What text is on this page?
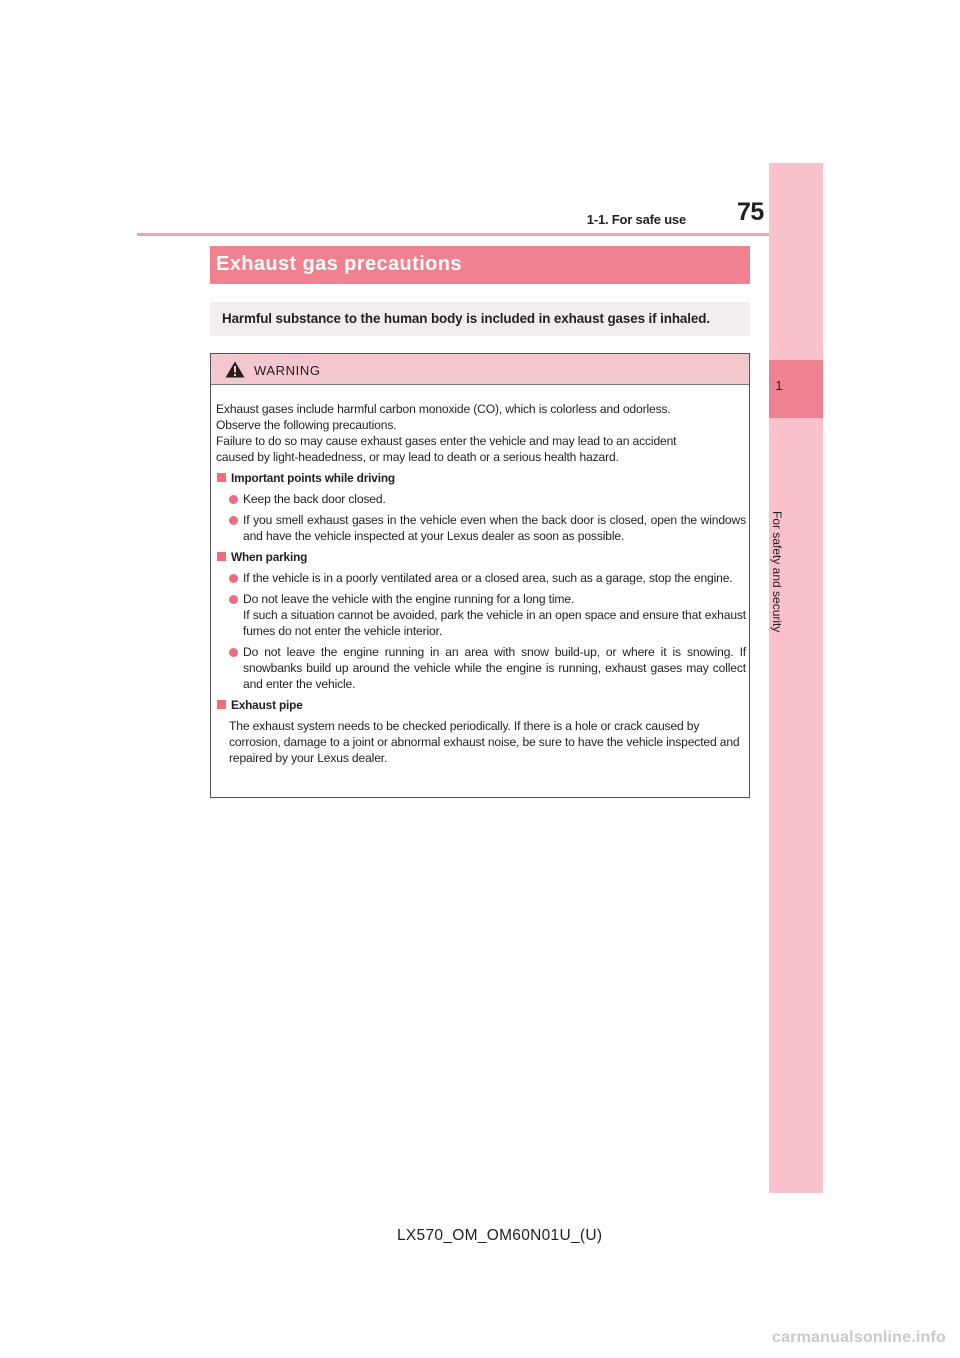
1-1. For safe use 75
1
For safety and security
Exhaust gas precautions
Harmful substance to the human body is included in exhaust gases if inhaled.
WARNING
Exhaust gases include harmful carbon monoxide (CO), which is colorless and odorless.
Observe the following precautions.
Failure to do so may cause exhaust gases enter the vehicle and may lead to an accident
caused by light-headedness, or may lead to death or a serious health hazard.
Important points while driving
Keep the back door closed.
If you smell exhaust gases in the vehicle even when the back door is closed, open the windows and have the vehicle inspected at your Lexus dealer as soon as possible.
When parking
If the vehicle is in a poorly ventilated area or a closed area, such as a garage, stop the engine.
Do not leave the vehicle with the engine running for a long time.
If such a situation cannot be avoided, park the vehicle in an open space and ensure that exhaust fumes do not enter the vehicle interior.
Do not leave the engine running in an area with snow build-up, or where it is snowing. If snowbanks build up around the vehicle while the engine is running, exhaust gases may collect and enter the vehicle.
Exhaust pipe
The exhaust system needs to be checked periodically. If there is a hole or crack caused by corrosion, damage to a joint or abnormal exhaust noise, be sure to have the vehicle inspected and repaired by your Lexus dealer.
LX570_OM_OM60N01U_(U)
carmanualsonline.info
